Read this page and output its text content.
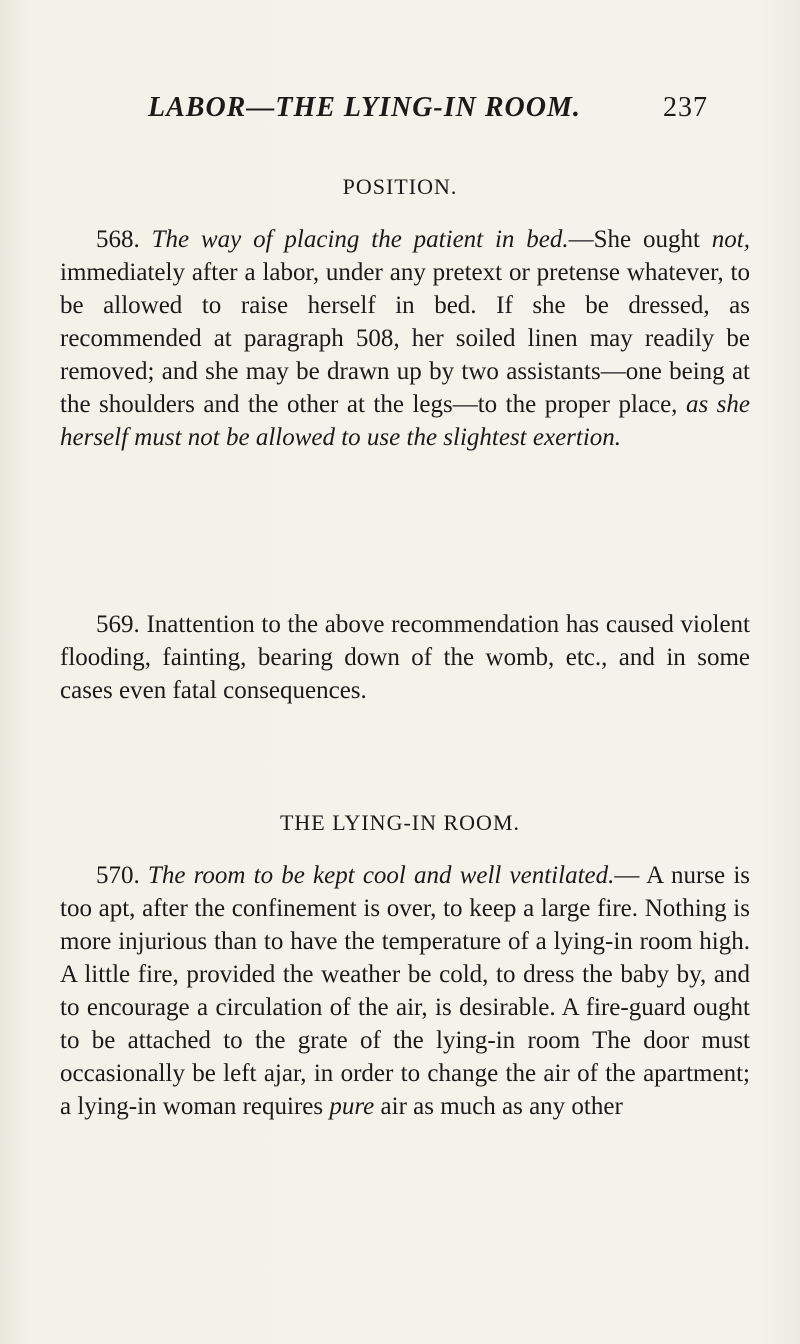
LABOR—THE LYING-IN ROOM.	237
POSITION.

568. The way of placing the patient in bed.—She ought not, immediately after a labor, under any pretext or pretense whatever, to be allowed to raise herself in bed. If she be dressed, as recommended at paragraph 508, her soiled linen may readily be removed; and she may be drawn up by two assistants—one being at the shoulders and the other at the legs—to the proper place, as she herself must not be allowed to use the slightest exertion.

569. Inattention to the above recommendation has caused violent flooding, fainting, bearing down of the womb, etc., and in some cases even fatal consequences.

THE LYING-IN ROOM.

570. The room to be kept cool and well ventilated.— A nurse is too apt, after the confinement is over, to keep a large fire. Nothing is more injurious than to have the temperature of a lying-in room high. A little fire, provided the weather be cold, to dress the baby by, and to encourage a circulation of the air, is desirable. A fire-guard ought to be attached to the grate of the lying-in room The door must occasionally be left ajar, in order to change the air of the apartment; a lying-in woman requires pure air as much as any other
